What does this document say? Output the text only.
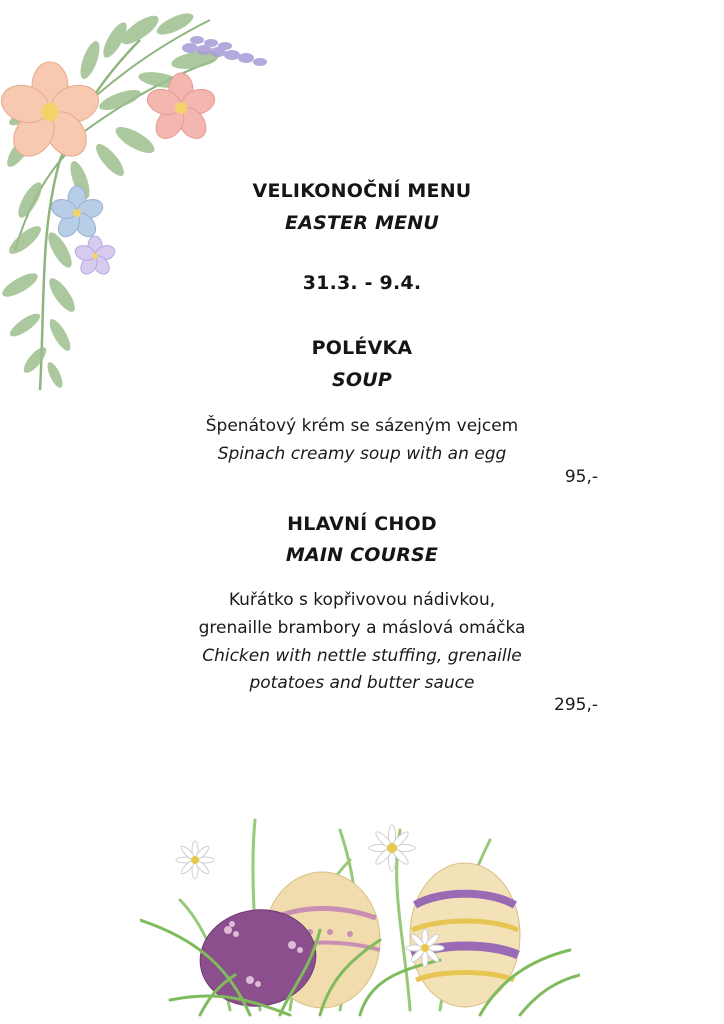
VELIKONOČNÍ MENU
EASTER MENU
31.3. - 9.4.
POLÉVKA
SOUP
Špenátový krém se sázeným vejcem
Spinach creamy soup with an egg
95,-
HLAVNÍ CHOD
MAIN COURSE
Kuřátko s kopřivovou nádivkou,
grenaille brambory a máslová omáčka
Chicken with nettle stuffing, grenaille
potatoes and butter sauce
295,-
